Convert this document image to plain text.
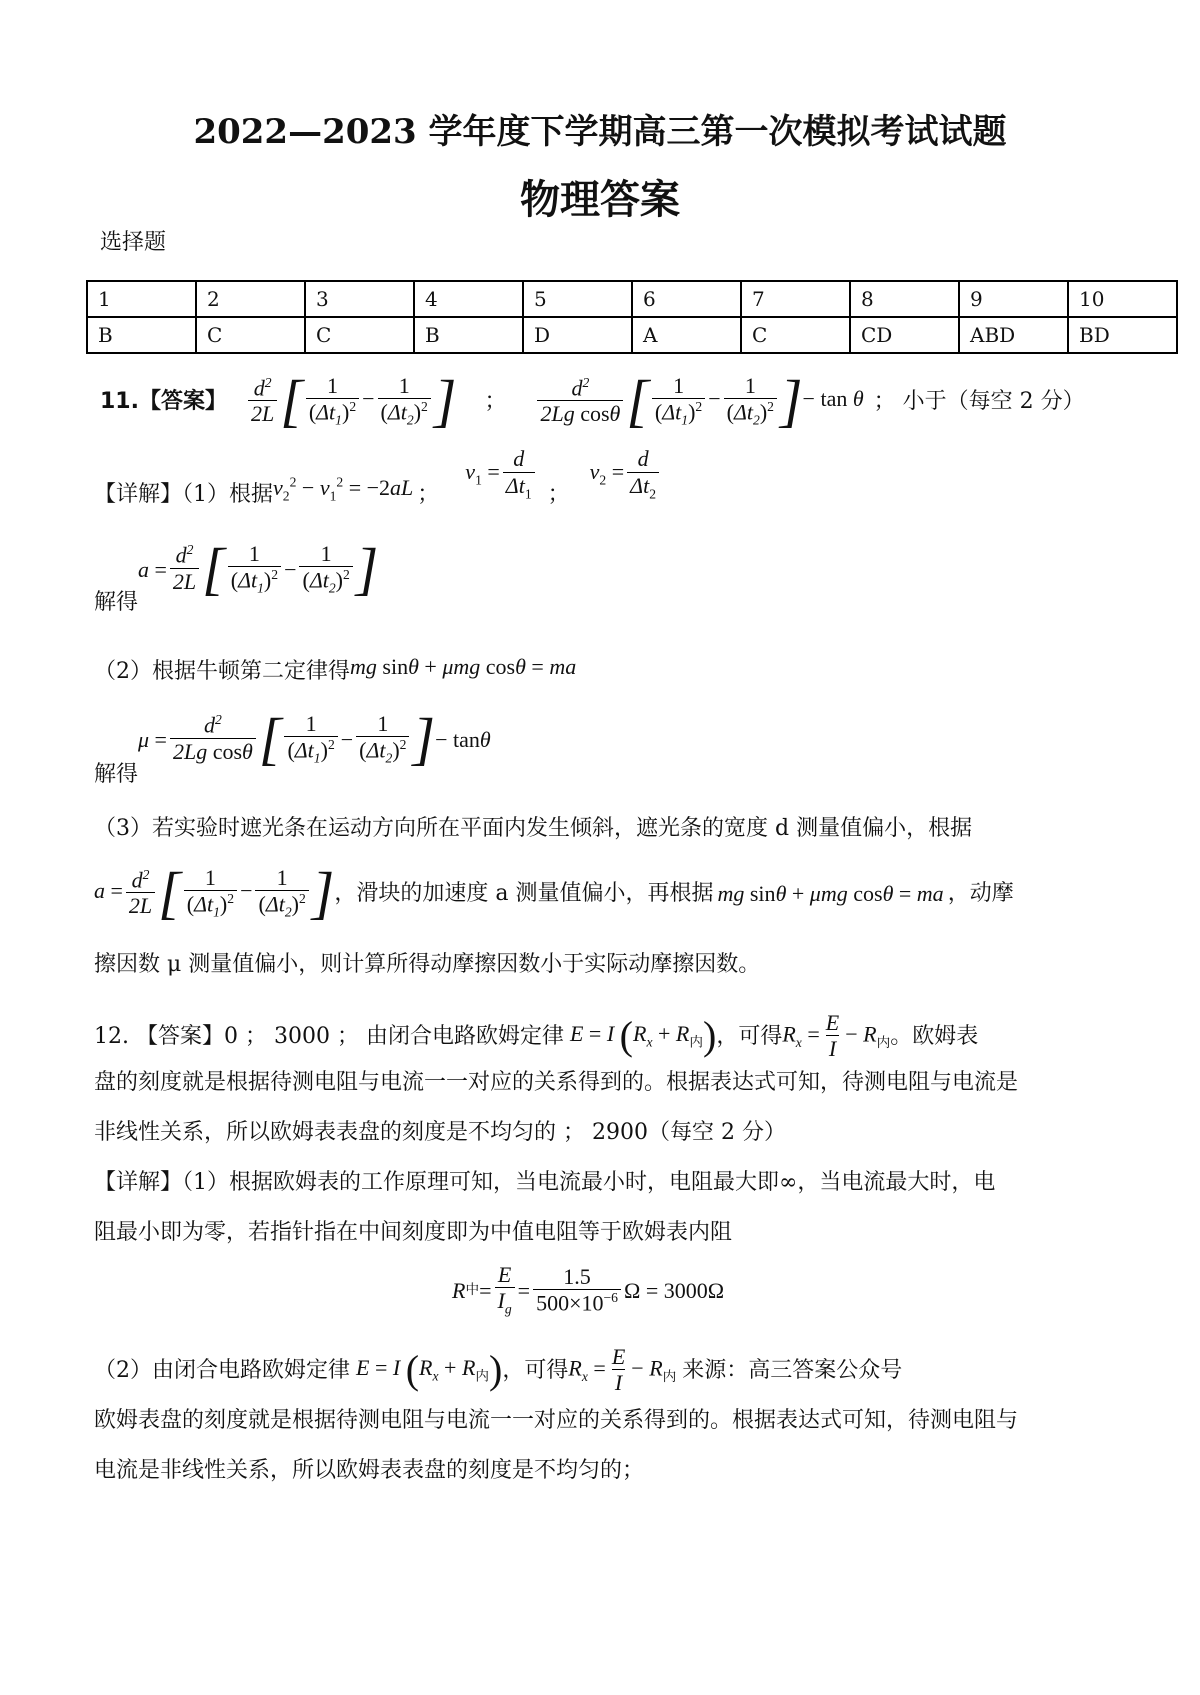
2022—2023 学年度下学期高三第一次模拟考试试题
物理答案
选择题
1	2	3	4	5	6	7	8	9	10
B	C	C	B	D	A	C	CD	ABD	BD
11.【答案】 $\frac{d^2}{2L}$ [ $\frac{1}{(\Delta t_1)^2} - \frac{1}{(\Delta t_2)^2}$ ] ； $\frac{d^2}{\text{2Lg cosθ}}$ [ $\frac{1}{(\Delta t_1)^2} - \frac{1}{(\Delta t_2)^2}$ ]− tan θ ； 小于（每空 2 分）
【详解】（1）根据 $v_2^2 - v_1^2 = -2aL$ ；
$v_1 = \frac{d}{\Delta t_1}$ ；
$v_2 = \frac{d}{\Delta t_2}$
解得
$a = \frac{d^2}{2L}$ [ $\frac{1}{(\Delta t_1)^2} - \frac{1}{(\Delta t_2)^2}$ ]
（2）根据牛顿第二定律得 mg sinθ + μmg cosθ = ma
解得
$\mu = \frac{d^2}{\text{2Lg cosθ}}$ [ $\frac{1}{(\Delta t_1)^2} - \frac{1}{(\Delta t_2)^2}$ ] − tan θ
（3）若实验时遮光条在运动方向所在平面内发生倾斜，遮光条的宽度 d 测量值偏小，根据
$a = \frac{d^2}{2L}$ [ $\frac{1}{(\Delta t_1)^2} - \frac{1}{(\Delta t_2)^2}$ ] ，滑块的加速度 a 测量值偏小，再根据 mg sinθ + μmg cosθ = ma ，动摩
擦因数 μ 测量值偏小，则计算所得动摩擦因数小于实际动摩擦因数。
12. 【答案】0 ； 3000 ； 由闭合电路欧姆定律 E = I $(R_x + R_内)$ ，可得 $R_x = \frac{E}{I} - R_内$ 。欧姆表
盘的刻度就是根据待测电阻与电流一一对应的关系得到的。根据表达式可知，待测电阻与电流是
非线性关系，所以欧姆表表盘的刻度是不均匀的 ； 2900（每空 2 分）
【详解】（1）根据欧姆表的工作原理可知，当电流最小时，电阻最大即∞，当电流最大时，电
阻最小即为零，若指针指在中间刻度即为中值电阻等于欧姆表内阻
R 中 = $\frac{E}{I_g} = \frac{1.5}{500\times 10^{-6}}$ Ω = 3000Ω
（2）由闭合电路欧姆定律 E = I $(R_x + R_内)$ ，可得 $R_x = \frac{E}{I} - R_内$ 来源：高三答案公众号
欧姆表盘的刻度就是根据待测电阻与电流一一对应的关系得到的。根据表达式可知，待测电阻与
电流是非线性关系，所以欧姆表表盘的刻度是不均匀的；
